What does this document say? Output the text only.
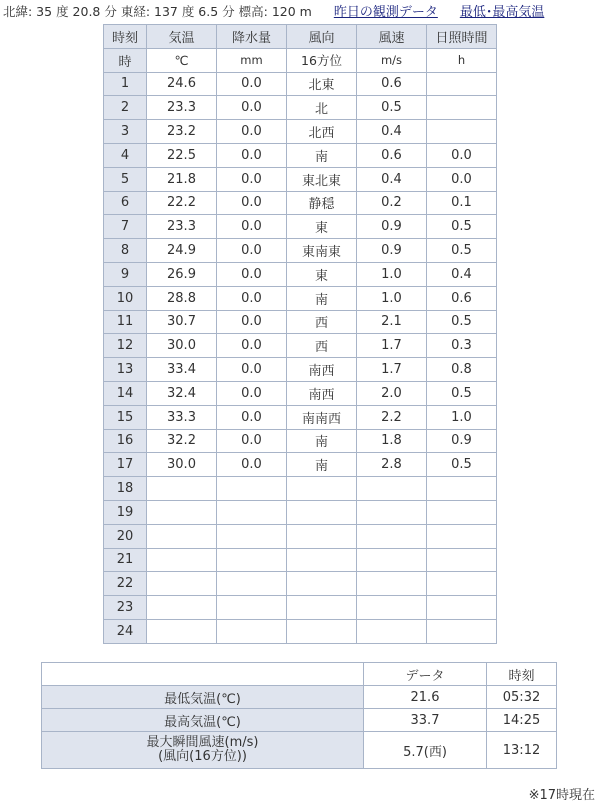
北緯: 35 度 20.8 分 東経: 137 度 6.5 分 標高: 120 m 昨日の観測データ 最低･最高気温
時刻	気温	降水量	風向	風速	日照時間
時	℃	mm	16方位	m/s	h
1	24.6	0.0	北東	0.6	
2	23.3	0.0	北	0.5	
3	23.2	0.0	北西	0.4	
4	22.5	0.0	南	0.6	0.0
5	21.8	0.0	東北東	0.4	0.0
6	22.2	0.0	静穏	0.2	0.1
7	23.3	0.0	東	0.9	0.5
8	24.9	0.0	東南東	0.9	0.5
9	26.9	0.0	東	1.0	0.4
10	28.8	0.0	南	1.0	0.6
11	30.7	0.0	西	2.1	0.5
12	30.0	0.0	西	1.7	0.3
13	33.4	0.0	南西	1.7	0.8
14	32.4	0.0	南西	2.0	0.5
15	33.3	0.0	南南西	2.2	1.0
16	32.2	0.0	南	1.8	0.9
17	30.0	0.0	南	2.8	0.5
18					
19					
20					
21					
22					
23					
24					
	データ	時刻
最低気温(℃)	21.6	05:32
最高気温(℃)	33.7	14:25

最大瞬間風速(m/s)
(風向(16方位))	5.7(西)	13:12
※17時現在
